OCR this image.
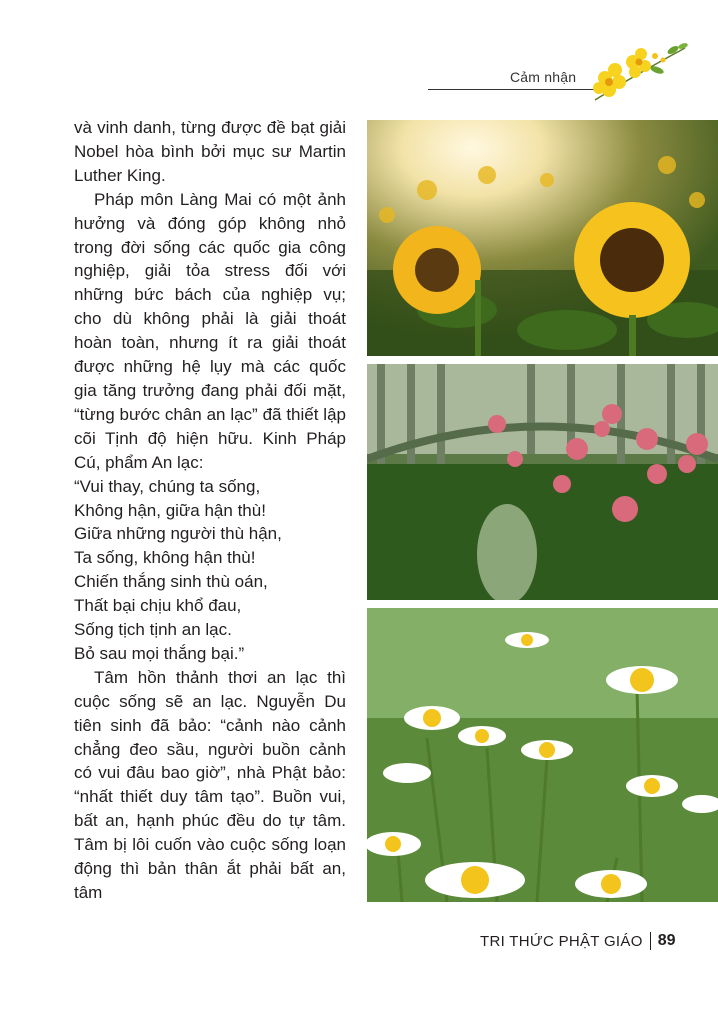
Cảm nhận

và vinh danh, từng được đề bạt giải Nobel hòa bình bởi mục sư Martin Luther King.

Pháp môn Làng Mai có một ảnh hưởng và đóng góp không nhỏ trong đời sống các quốc gia công nghiệp, giải tỏa stress đối với những bức bách của nghiệp vụ; cho dù không phải là giải thoát hoàn toàn, nhưng ít ra giải thoát được những hệ lụy mà các quốc gia tăng trưởng đang phải đối mặt, “từng bước chân an lạc” đã thiết lập cõi Tịnh độ hiện hữu. Kinh Pháp Cú, phẩm An lạc:

“Vui thay, chúng ta sống,

Không hận, giữa hận thù!

Giữa những người thù hận,

Ta sống, không hận thù!

Chiến thắng sinh thù oán,

Thất bại chịu khổ đau,

Sống tịch tịnh an lạc.

Bỏ sau mọi thắng bại.”

Tâm hồn thảnh thơi an lạc thì cuộc sống sẽ an lạc. Nguyễn Du tiên sinh đã bảo: “cảnh nào cảnh chẳng đeo sầu, người buồn cảnh có vui đâu bao giờ”, nhà Phật bảo: “nhất thiết duy tâm tạo”. Buồn vui, bất an, hạnh phúc đều do tự tâm. Tâm bị lôi cuốn vào cuộc sống loạn động thì bản thân ắt phải bất an, tâm

TRI THỨC PHẬT GIÁO 89
